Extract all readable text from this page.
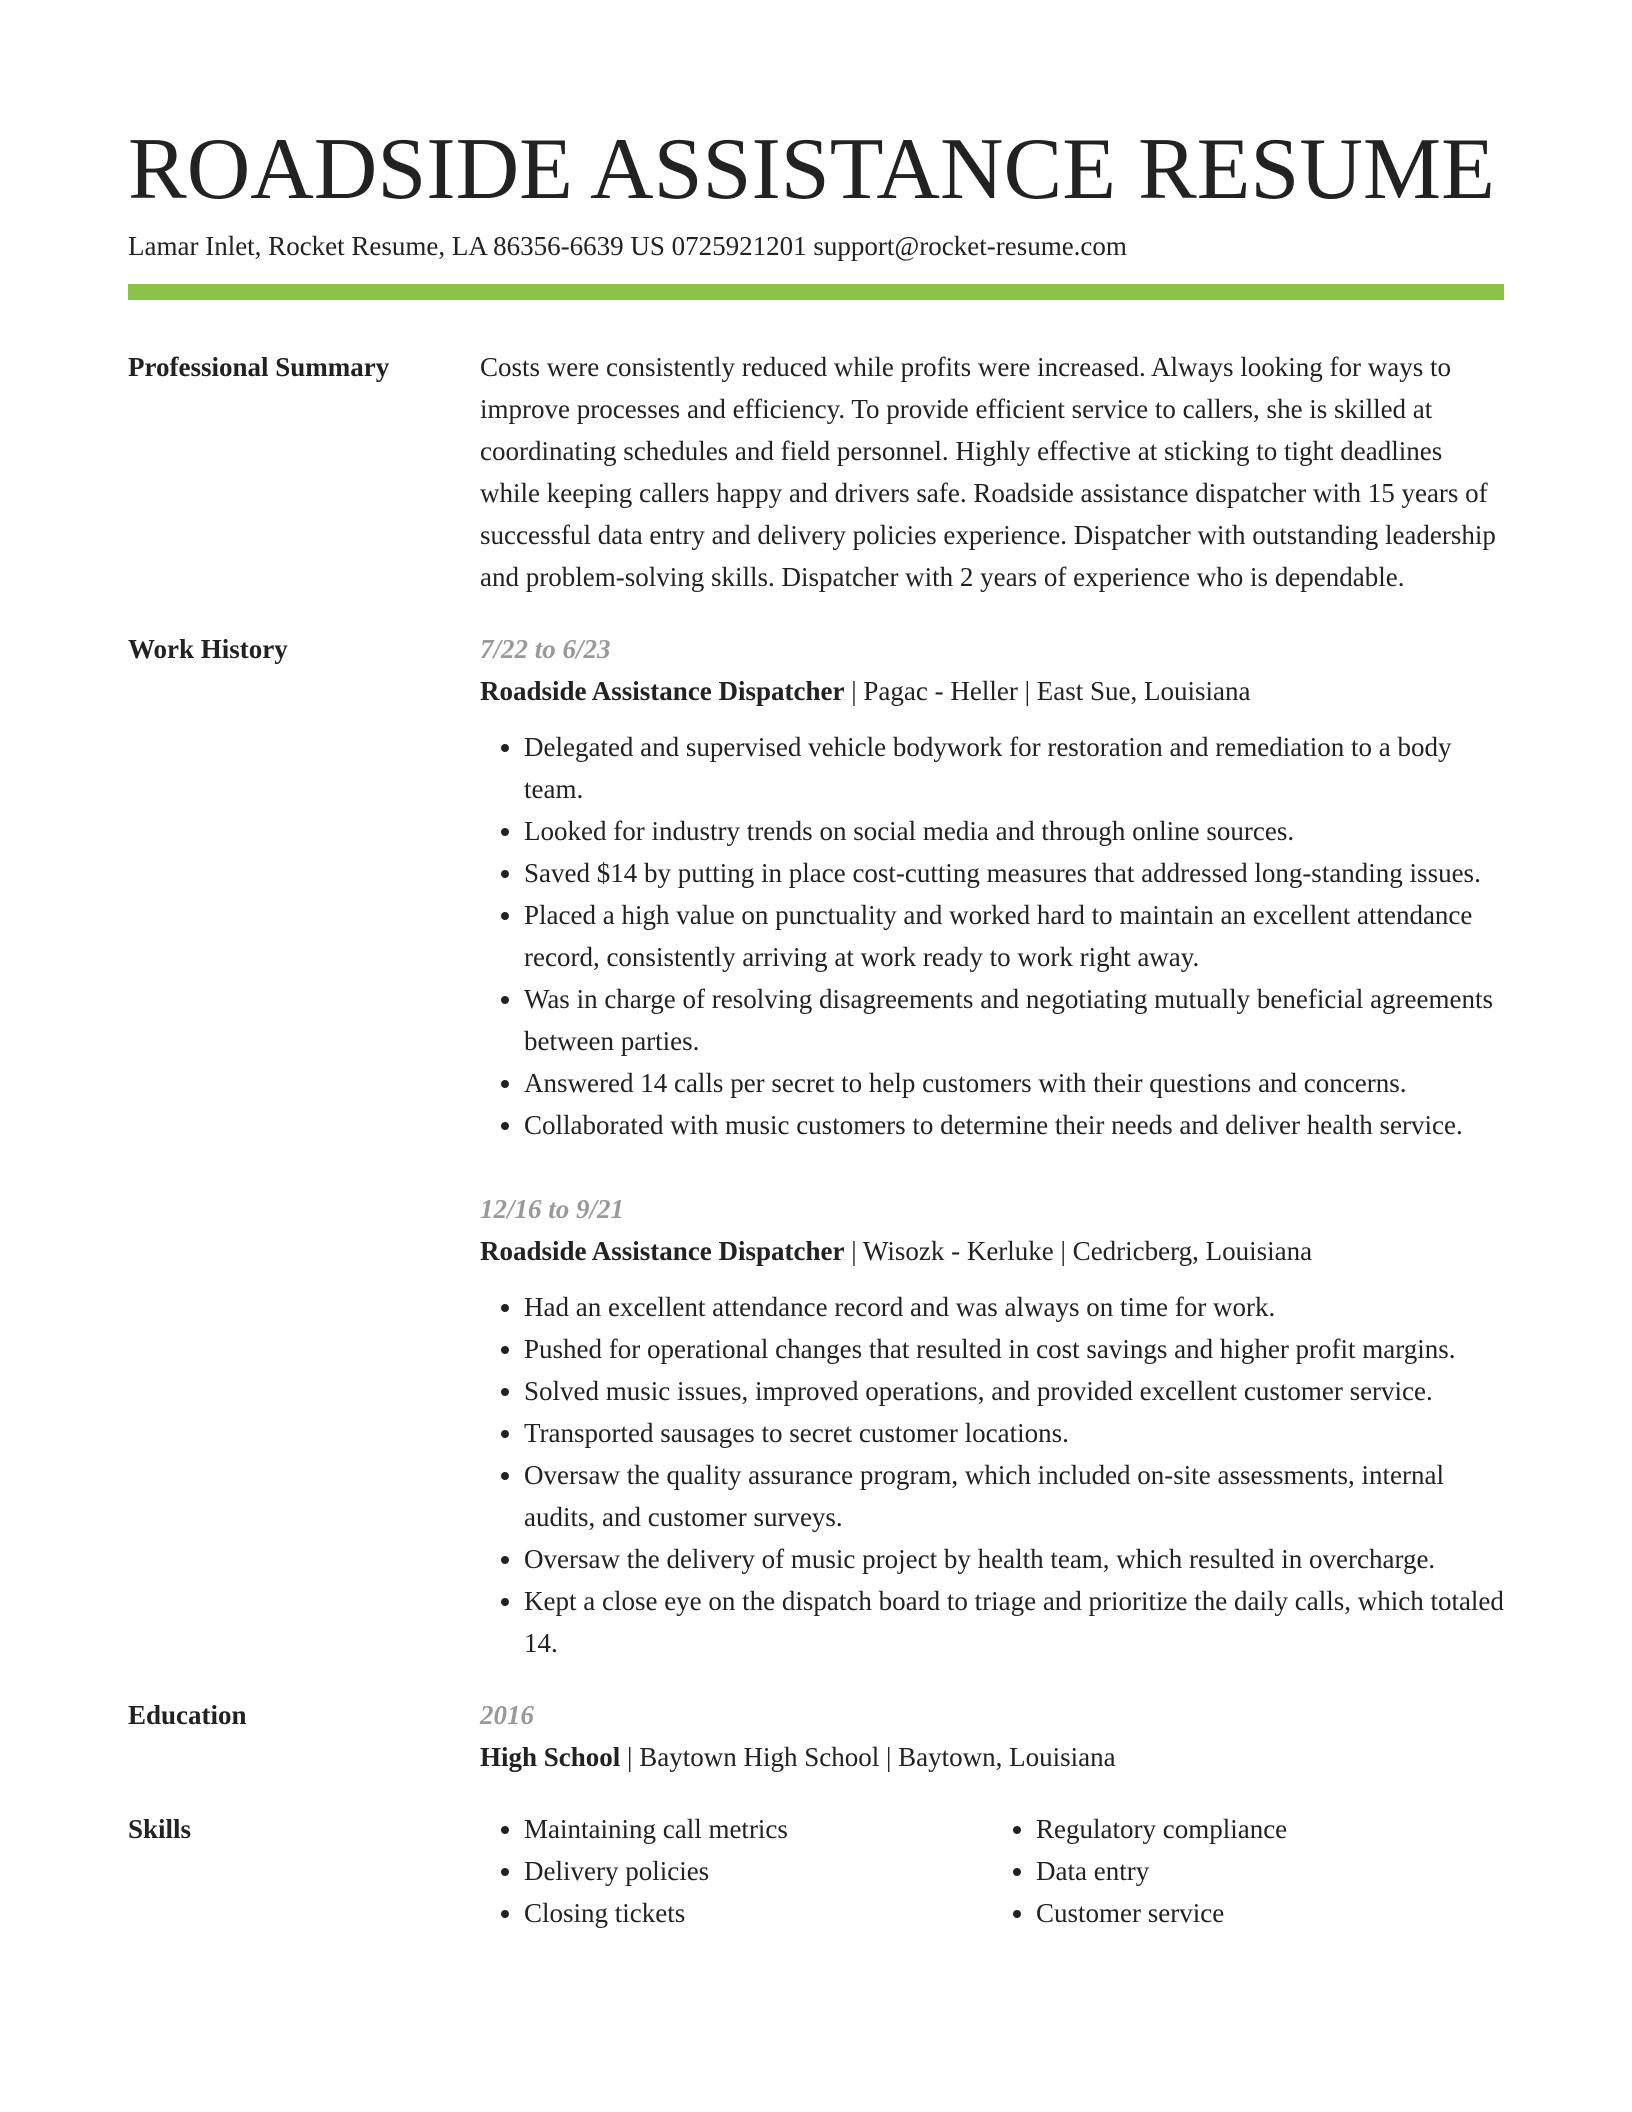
ROADSIDE ASSISTANCE RESUME
Lamar Inlet, Rocket Resume, LA 86356-6639 US 0725921201 support@rocket-resume.com
Professional Summary	Costs were consistently reduced while profits were increased. Always looking for ways to improve processes and efficiency. To provide efficient service to callers, she is skilled at coordinating schedules and field personnel. Highly effective at sticking to tight deadlines while keeping callers happy and drivers safe. Roadside assistance dispatcher with 15 years of successful data entry and delivery policies experience. Dispatcher with outstanding leadership and problem-solving skills. Dispatcher with 2 years of experience who is dependable.

Work History	7/22 to 6/23
Roadside Assistance Dispatcher | Pagac - Heller | East Sue, Louisiana
• Delegated and supervised vehicle bodywork for restoration and remediation to a body team.
• Looked for industry trends on social media and through online sources.
• Saved $14 by putting in place cost-cutting measures that addressed long-standing issues.
• Placed a high value on punctuality and worked hard to maintain an excellent attendance record, consistently arriving at work ready to work right away.
• Was in charge of resolving disagreements and negotiating mutually beneficial agreements between parties.
• Answered 14 calls per secret to help customers with their questions and concerns.
• Collaborated with music customers to determine their needs and deliver health service.
12/16 to 9/21
Roadside Assistance Dispatcher | Wisozk - Kerluke | Cedricberg, Louisiana
• Had an excellent attendance record and was always on time for work.
• Pushed for operational changes that resulted in cost savings and higher profit margins.
• Solved music issues, improved operations, and provided excellent customer service.
• Transported sausages to secret customer locations.
• Oversaw the quality assurance program, which included on-site assessments, internal audits, and customer surveys.
• Oversaw the delivery of music project by health team, which resulted in overcharge.
• Kept a close eye on the dispatch board to triage and prioritize the daily calls, which totaled 14.
Education	2016
High School | Baytown High School | Baytown, Louisiana
Skills
•	Maintaining call metrics
• Delivery policies
• Closing tickets
• Regulatory compliance
• Data entry
• Customer service
